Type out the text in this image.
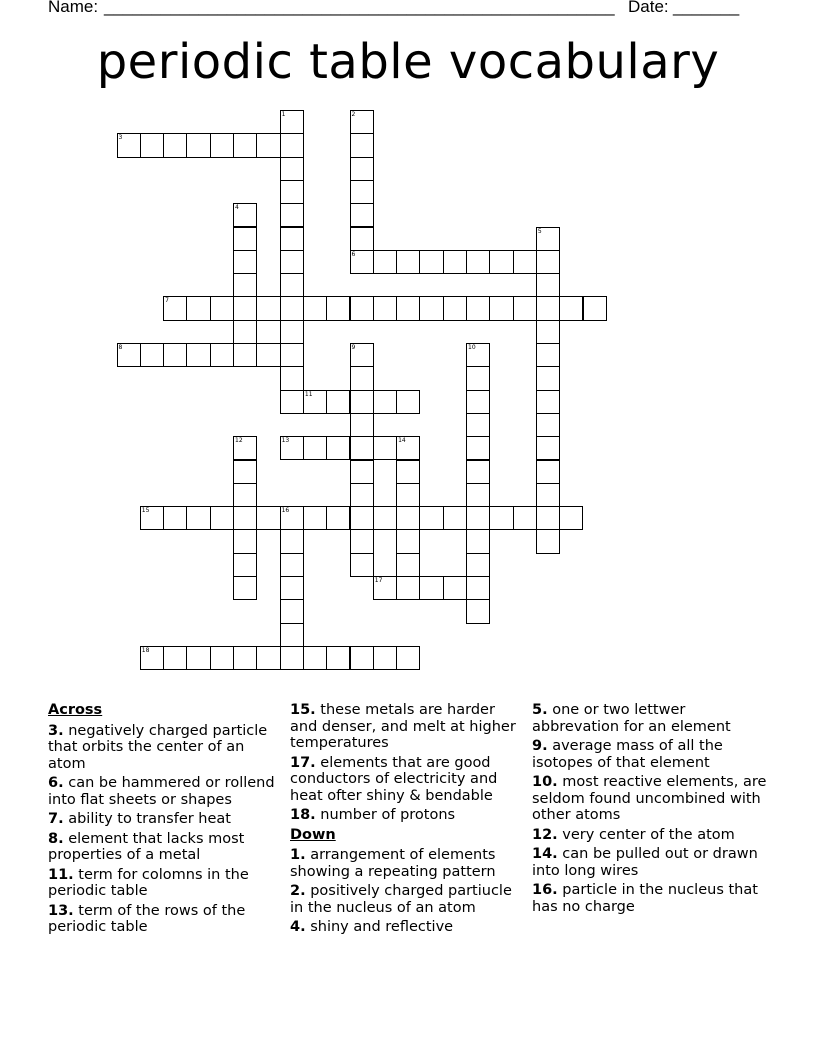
Name: ______________________________________________________ Date: _______
periodic table vocabulary
3
6
7
8
11
13
15	16
17
18
1	2
4
5
9	10
12	14
Across
3. negatively charged particle that orbits the center of an atom
6. can be hammered or rollend into flat sheets or shapes
7. ability to transfer heat
8. element that lacks most properties of a metal
11. term for colomns in the periodic table
13. term of the rows of the periodic table
15. these metals are harder and denser, and melt at higher temperatures
17. elements that are good conductors of electricity and heat ofter shiny & bendable
18. number of protons
Down
1. arrangement of elements showing a repeating pattern
2. positively charged partiucle in the nucleus of an atom
4. shiny and reflective
5. one or two lettwer abbrevation for an element
9. average mass of all the isotopes of that element
10. most reactive elements, are seldom found uncombined with other atoms
12. very center of the atom
14. can be pulled out or drawn into long wires
16. particle in the nucleus that has no charge
